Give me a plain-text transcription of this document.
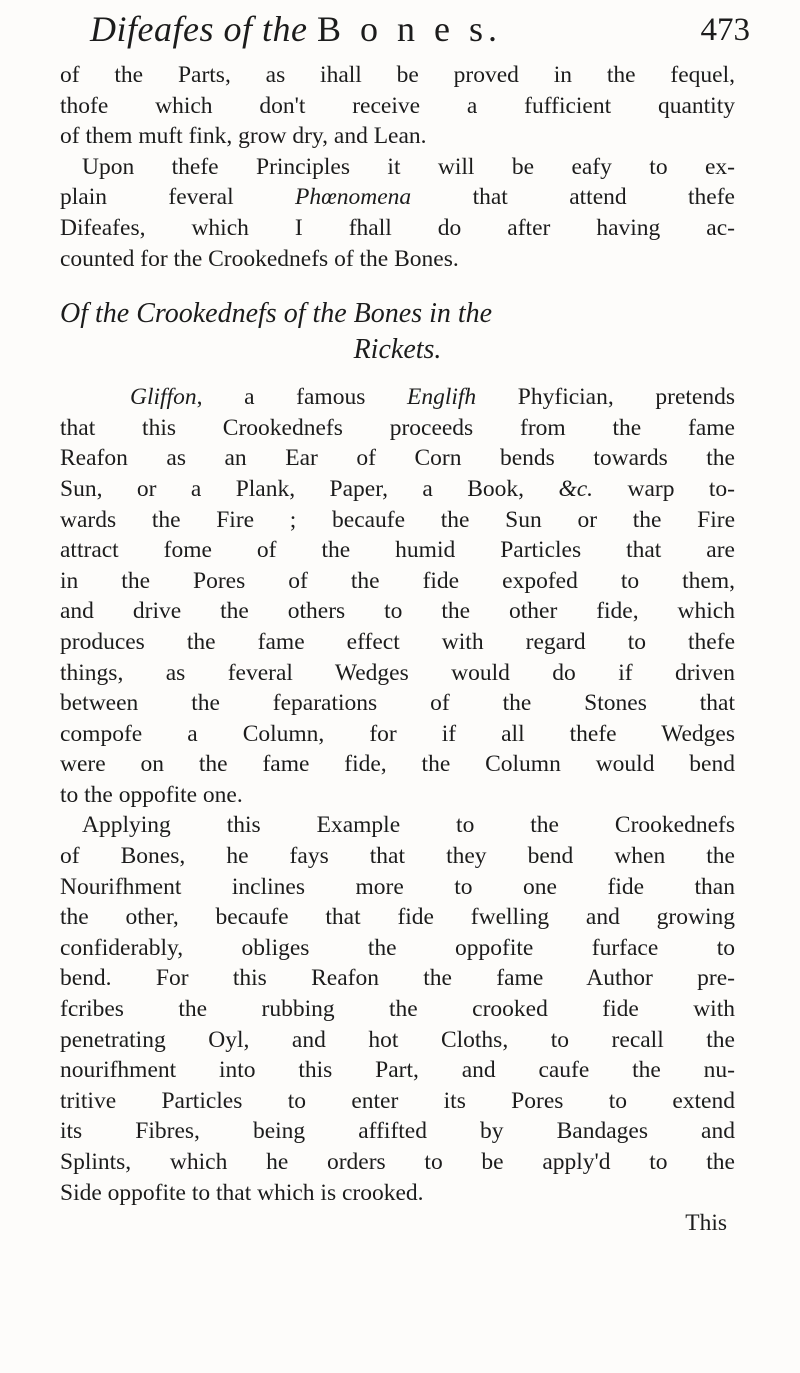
Difeafes of the B o n e s.	473
of the Parts, as ihall be proved in the fequel,
thofe which don't receive a fufficient quantity
of them muft fink, grow dry, and Lean.
Upon thefe Principles it will be eafy to ex-
plain feveral Phœnomena that attend thefe
Difeafes, which I fhall do after having ac-
counted for the Crookednefs of the Bones.
Of the Crookednefs of the Bones in the
Rickets.
Gliffon, a famous Englifh Phyfician, pretends
that this Crookednefs proceeds from the fame
Reafon as an Ear of Corn bends towards the
Sun, or a Plank, Paper, a Book, &c. warp to-
wards the Fire ; becaufe the Sun or the Fire
attract fome of the humid Particles that are
in the Pores of the fide expofed to them,
and drive the others to the other fide, which
produces the fame effect with regard to thefe
things, as feveral Wedges would do if driven
between the feparations of the Stones that
compofe a Column, for if all thefe Wedges
were on the fame fide, the Column would bend
to the oppofite one.
Applying this Example to the Crookednefs
of Bones, he fays that they bend when the
Nourifhment inclines more to one fide than
the other, becaufe that fide fwelling and growing
confiderably, obliges the oppofite furface to
bend. For this Reafon the fame Author pre-
fcribes the rubbing the crooked fide with
penetrating Oyl, and hot Cloths, to recall the
nourifhment into this Part, and caufe the nu-
tritive Particles to enter its Pores to extend
its Fibres, being affifted by Bandages and
Splints, which he orders to be apply'd to the
Side oppofite to that which is crooked.
This
